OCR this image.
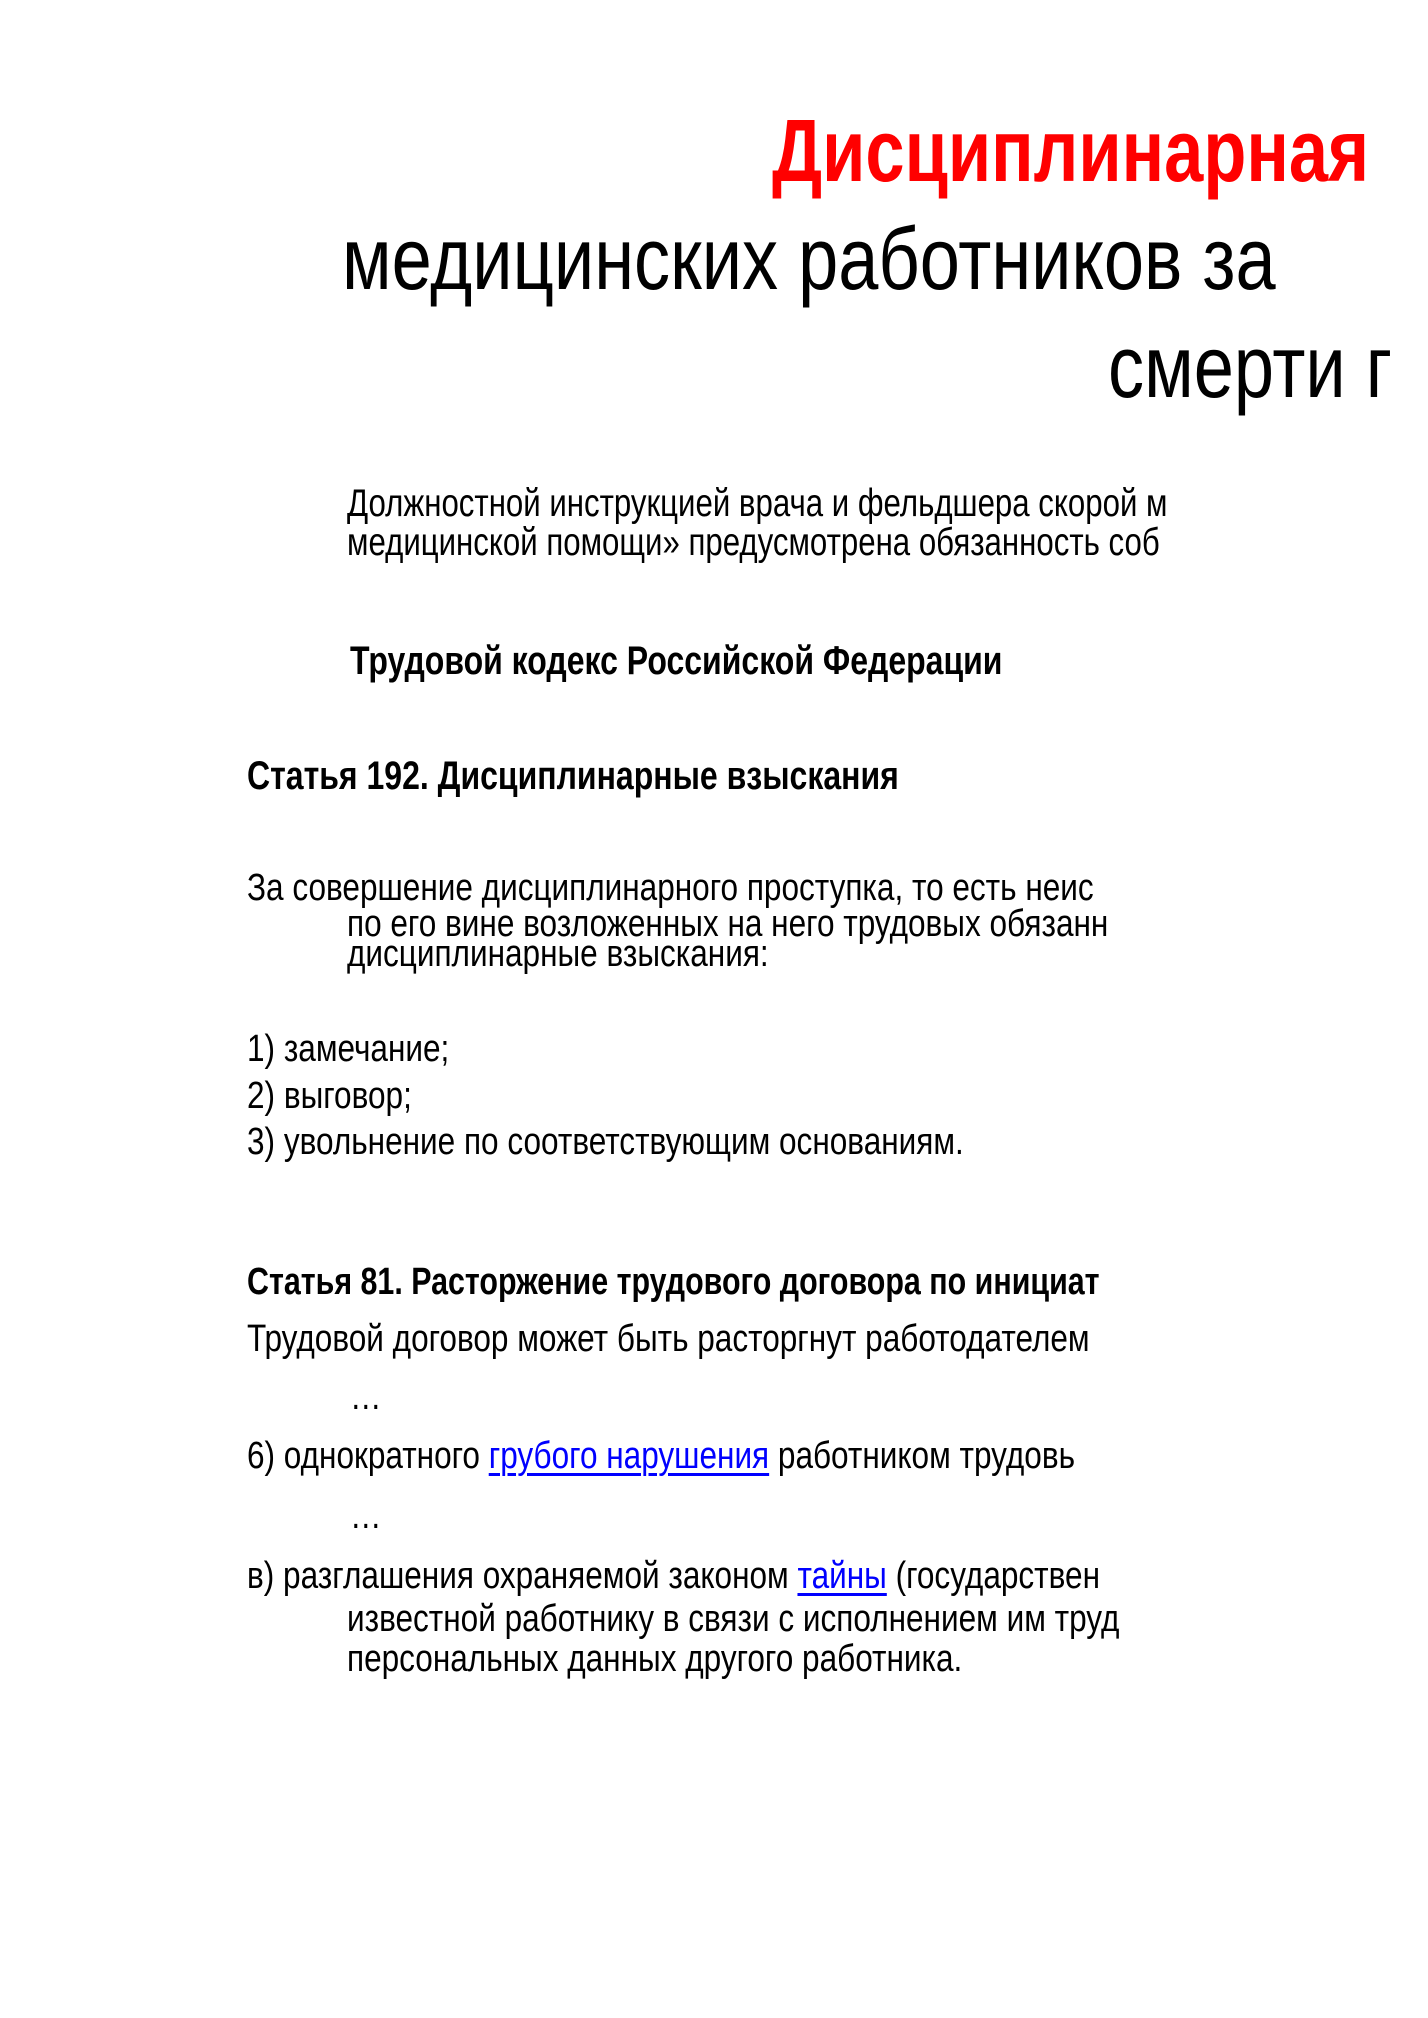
Дисциплинарная
медицинских работников за
смерти г
Должностной инструкцией врача и фельдшера скорой м
медицинской помощи» предусмотрена обязанность соб
Трудовой кодекс Российской Федерации
Статья 192. Дисциплинарные взыскания
За совершение дисциплинарного проступка, то есть неис
по его вине возложенных на него трудовых обязанн
дисциплинарные взыскания:
1) замечание;
2) выговор;
3) увольнение по соответствующим основаниям.
Статья 81. Расторжение трудового договора по инициат
Трудовой договор может быть расторгнут работодателем
…
6) однократного грубого нарушения работником трудовь
…
в) разглашения охраняемой законом тайны (государствен
известной работнику в связи с исполнением им труд
персональных данных другого работника.
